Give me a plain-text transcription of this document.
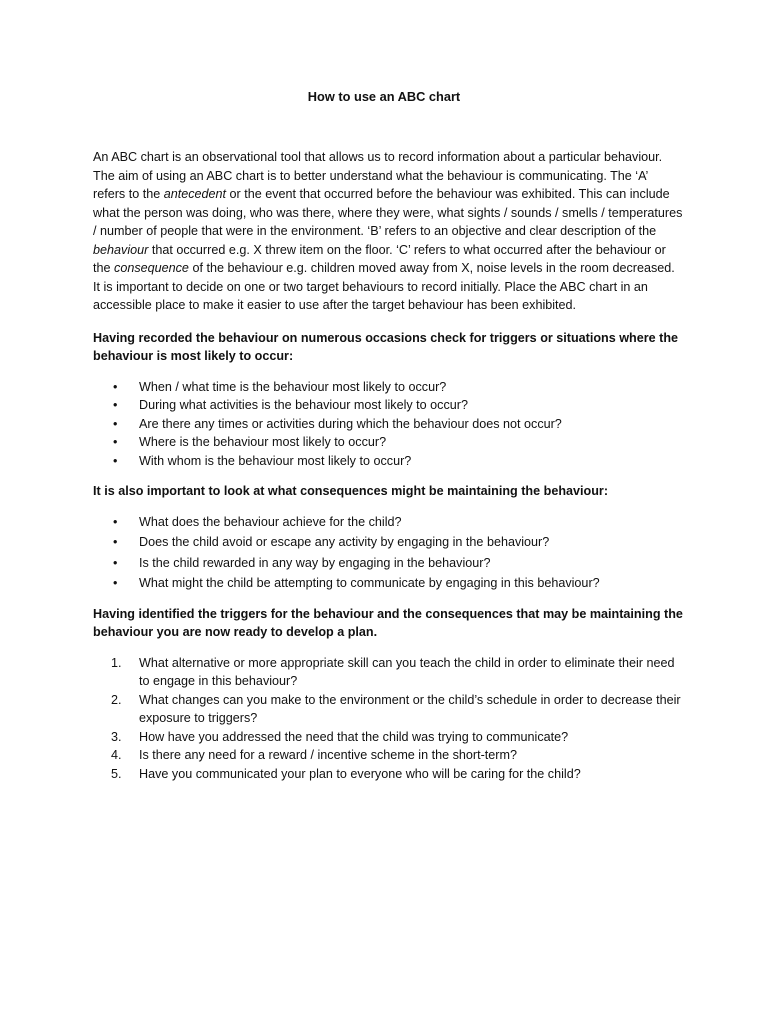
How to use an ABC chart

An ABC chart is an observational tool that allows us to record information about a particular behaviour. The aim of using an ABC chart is to better understand what the behaviour is communicating. The ‘A’ refers to the antecedent or the event that occurred before the behaviour was exhibited. This can include what the person was doing, who was there, where they were, what sights / sounds / smells / temperatures / number of people that were in the environment. ‘B’ refers to an objective and clear description of the behaviour that occurred e.g. X threw item on the floor. ‘C’ refers to what occurred after the behaviour or the consequence of the behaviour e.g. children moved away from X, noise levels in the room decreased. It is important to decide on one or two target behaviours to record initially. Place the ABC chart in an accessible place to make it easier to use after the target behaviour has been exhibited.

Having recorded the behaviour on numerous occasions check for triggers or situations where the behaviour is most likely to occur:

• When / what time is the behaviour most likely to occur?
• During what activities is the behaviour most likely to occur?
• Are there any times or activities during which the behaviour does not occur?
• Where is the behaviour most likely to occur?
• With whom is the behaviour most likely to occur?

It is also important to look at what consequences might be maintaining the behaviour:

• What does the behaviour achieve for the child?
• Does the child avoid or escape any activity by engaging in the behaviour?
• Is the child rewarded in any way by engaging in the behaviour?
• What might the child be attempting to communicate by engaging in this behaviour?

Having identified the triggers for the behaviour and the consequences that may be maintaining the behaviour you are now ready to develop a plan.

1. What alternative or more appropriate skill can you teach the child in order to eliminate their need to engage in this behaviour?
2. What changes can you make to the environment or the child’s schedule in order to decrease their exposure to triggers?
3. How have you addressed the need that the child was trying to communicate?
4. Is there any need for a reward / incentive scheme in the short-term?
5. Have you communicated your plan to everyone who will be caring for the child?
